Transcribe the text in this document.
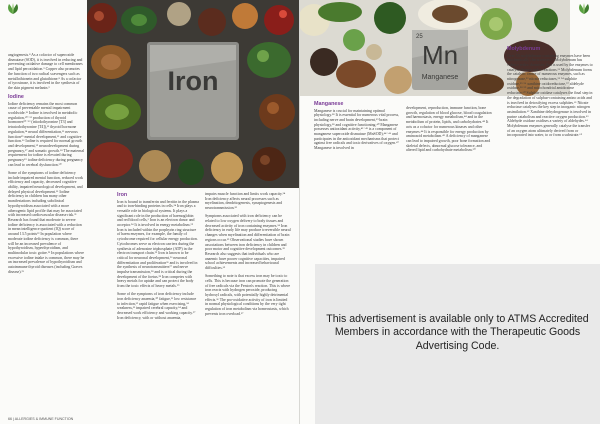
angiogenesis.⁸ As a cofactor of superoxide dismutase (SOD), it is involved in reducing and preventing oxidative damage to cell membranes and lipid peroxidation.⁹ Copper also promotes the function of two radical scavengers such as metallothionein and glutathione.⁸ As a cofactor of tyrosinase, it is involved in the synthesis of the skin pigment melanin.⁹

Iodine

Iodine deficiency remains the most common cause of preventable mental impairment worldwide.¹³ Iodine is involved in metabolic regulation,¹⁰⁻¹² production of thyroid hormones¹⁰⁻¹² (triiodothyronine [T3] and tetraiodothyronine [T4]),¹³ thyroid hormone regulation,¹⁴ neural differentiation,¹¹ nervous function¹⁵ mental development,¹¹ and cognitive function.¹⁶ Iodine is required for normal growth and development,¹⁵ neurodevelopment during pregnancy,¹⁷ and somatic growth.¹⁸ The maternal requirement for iodine is elevated during pregnancy¹⁹ iodine deficiency during pregnancy can lead to cerebral dysfunction.²⁰

Some of the symptoms of iodine deficiency include impaired mental function, reduced work efficiency and capacity, decreased cognitive ability, impaired neurological development, and delayed physical development.¹¹ Iodine deficiency in children has many other manifestations including subclinical hypothyroidism associated with a more atherogenic lipid profile that may be associated with increased cardiovascular disease risk.²¹ Research has found that moderate to severe iodine deficiency is associated with a reduction in mean intelligence quotient (IQ) score of around 13.5 points²² In population where moderate iodine deficiency is common, there will be an increased prevalence of hypothyroidism, hyperthyroidism, and multinodular toxic goitre.²³ In populations where excessive iodine intake is common, there may be an increased prevalence of hypothyroidism and autoimmune thyroid diseases (including Graves disease).²³

Iron
Iron

Iron is bound to transferrin and ferritin in the plasma and to iron-binding proteins in cells.²⁴ Iron plays a versatile role in biological systems. It plays a significant role in the production of haemoglobin and red blood cells,¹ Iron is an electron donor and acceptor.²⁴ It is involved in energy metabolism.²⁵ Iron is included within the porphyrin ring structure of haem enzymes, for example, the family of cytochrome required for cellular energy production. Cytochromes serve as electron carriers during the synthesis of adenosine triphosphate (ATP) in the electron transport chain.²⁵ Iron is known to be critical for neuronal development,²⁶ neuronal differentiation and proliferation²⁶ and is involved in the synthesis of neurotransmitters²⁷ and nerve impulse transmission,²⁸ and is critical during the development of the foetus.²⁸ Iron competes with heavy metals for uptake and can protect the body from the toxic effects of heavy metals.²⁹

Some of the symptoms of iron deficiency include iron deficiency anaemia,³⁰ fatigue,³¹ low resistance to infection,³² rapid fatigue when exercising,²⁴ weakness,³³ impaired cerebral capacity,³⁴ and decreased work efficiency and working capacity.²⁷ Iron deficiency, with or without anaemia,

impairs muscle function and limits work capacity.³⁴ Iron deficiency affects neural processes such as myelination, dendritogenesis, synaptogenesis and neurotransmission.³⁵

Symptoms associated with iron deficiency can be related to low oxygen delivery to body tissues and decreased activity of iron containing enzymes.²⁴ Iron deficiency in early life may produce irreversible neural changes when myelination and differentiation of brain regions occur.³⁵ Observational studies have shown associations between iron deficiency in children and poor motor and cognitive development outcomes.³⁵ Research also suggests that individuals who are anaemic have poorer cognitive capacities, impaired school achievements and increased behavioural difficulties.³⁵

Something to note is that excess iron may be toxic to cells. This is because iron can promote the generation of free radicals via the Fenton's reaction. This is where iron reacts with hydrogen peroxide, producing hydroxyl radicals, with potentially highly detrimental effects.³⁶ The pro-oxidative activity of iron is limited in normal physiological conditions by the very tight regulation of iron metabolism via homeostasis, which prevents iron overload.³⁷

66 | ALLERGIES & IMMUNE FUNCTION
25
Mn
Manganese
Manganese

Manganese is crucial for maintaining optimal physiology.³⁸ It is essential for numerous vital process, including nerve and brain development,³⁹ brain physiology,³⁸ and cognitive functioning.⁴⁰ Manganese possesses antioxidant activity,⁴¹⁻⁴³ is a component of manganese superoxide dismutase (MnSOD),⁴⁴⁻⁴⁶ and participates in the antioxidant mechanisms that protect against free radicals and toxic derivatives of oxygen.⁴⁷ Manganese is involved in

development, reproduction, immune function, bone growth, regulation of blood glucose, blood coagulation and haemostasis, energy metabolism,⁴⁴ and in the metabolism of protein, lipids, and carbohydrates.⁴⁸ It acts as a cofactor for numerous kinases and other enzymes.⁴⁴ It is responsible for energy production by aminoacid metabolism.⁴⁹ A deficiency of manganese can lead to impaired growth, poor bone formation and skeletal defects, abnormal glucose tolerance, and altered lipid and carbohydrate metabolism.⁵⁰

Molybdenum

Over 50 molybdenum-containing enzymes have been biochemically characterised.⁵¹ Molybdenum has valence redox chemistry that is used by the enzymes to catalyse diverse redox reactions.⁵¹ Molybdenum forms the catalytic centre of numerous enzymes, such as nitrogenase,⁵² nitrate reductases,⁵³ ⁵⁴ sulphite oxidase,⁵⁵ ⁵⁶ xanthine oxidoreductase,⁵⁷ aldehyde oxidase,⁵⁸ ⁵⁹ and mitochondrial amidoxime reductase.⁶⁰ Sulphite oxidase catalyses the final step in the degradation of sulphur-containing amino acids and is involved in detoxifying excess sulphites.⁶¹ Nitrate reductase catalyses the key step in inorganic nitrogen assimilation.⁶² Xanthine dehydrogenase is involved in purine catabolism and reactive oxygen production.⁶³ Aldehyde oxidase oxidises a variety of aldehydes.⁶⁴ Molybdenum enzymes generally catalyse the transfer of an oxygen atom ultimately derived from or incorporated into water, to or from a substrate.⁶⁵

This advertisement is available only to ATMS Accredited Members in accordance with the Therapeutic Goods Advertising Code.
